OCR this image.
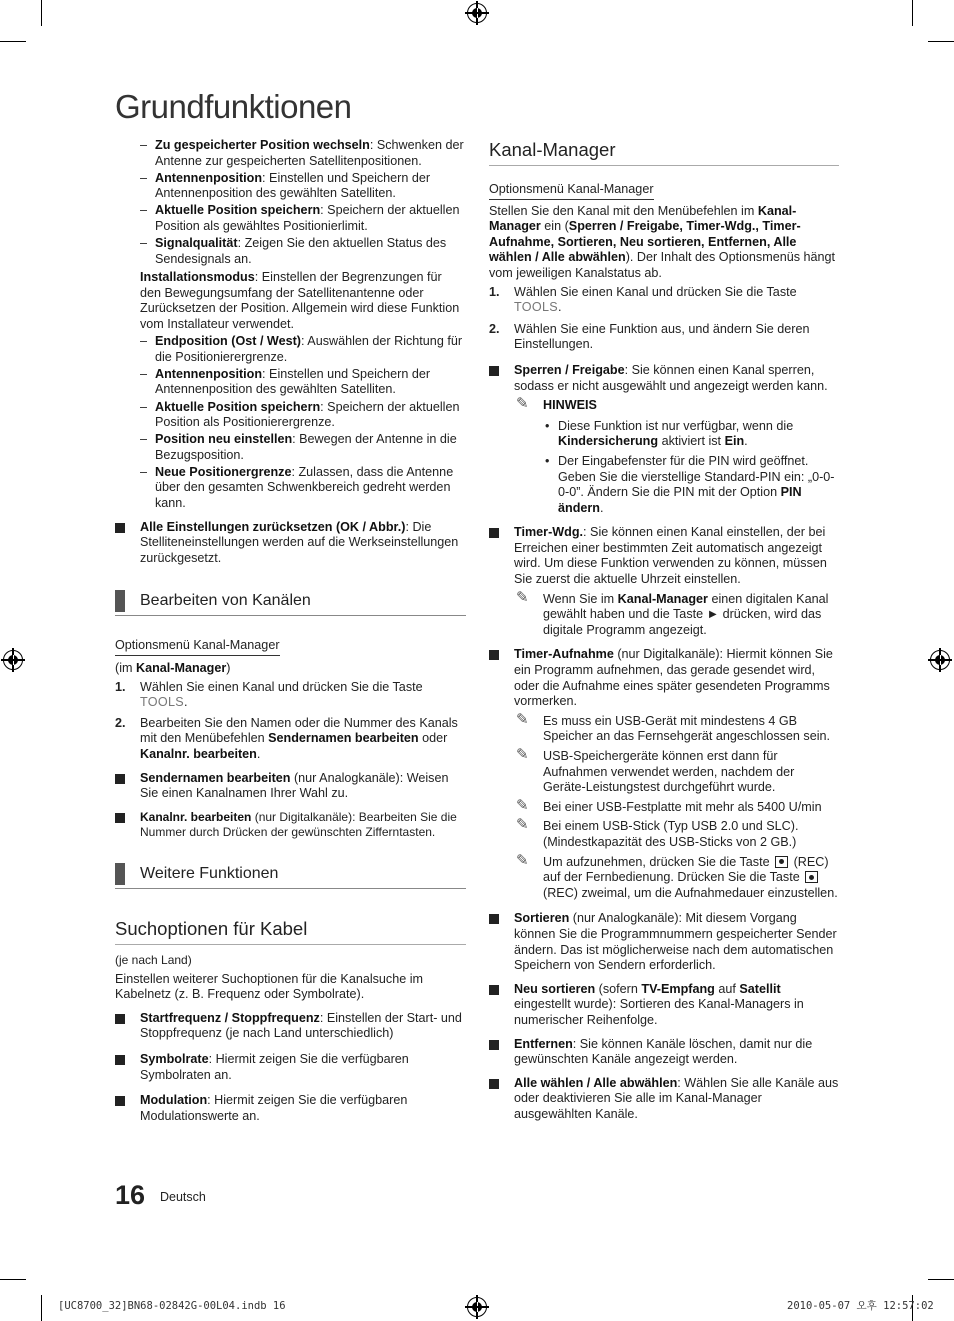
Grundfunktionen

– Zu gespeicherter Position wechseln: Schwenken der Antenne zur gespeicherten Satellitenpositionen.

– Antennenposition: Einstellen und Speichern der Antennenposition des gewählten Satelliten.

– Aktuelle Position speichern: Speichern der aktuellen Position als gewähltes Positionierlimit.

– Signalqualität: Zeigen Sie den aktuellen Status des Sendesignals an.

Installationsmodus: Einstellen der Begrenzungen für den Bewegungsumfang der Satellitenantenne oder Zurücksetzen der Position. Allgemein wird diese Funktion vom Installateur verwendet.

– Endposition (Ost / West): Auswählen der Richtung für die Positionierergrenze.

– Antennenposition: Einstellen und Speichern der Antennenposition des gewählten Satelliten.

– Aktuelle Position speichern: Speichern der aktuellen Position als Positionierergrenze.

– Position neu einstellen: Bewegen der Antenne in die Bezugsposition.

– Neue Positionergrenze: Zulassen, dass die Antenne über den gesamten Schwenkbereich gedreht werden kann.

Alle Einstellungen zurücksetzen (OK / Abbr.): Die Stelliteneinstellungen werden auf die Werkseinstellungen zurückgesetzt.

Bearbeiten von Kanälen

Optionsmenü Kanal-Manager

(im Kanal-Manager)

1. Wählen Sie einen Kanal und drücken Sie die Taste TOOLS.

2. Bearbeiten Sie den Namen oder die Nummer des Kanals mit den Menübefehlen Sendernamen bearbeiten oder Kanalnr. bearbeiten.

Sendernamen bearbeiten (nur Analogkanäle): Weisen Sie einen Kanalnamen Ihrer Wahl zu.

Kanalnr. bearbeiten (nur Digitalkanäle): Bearbeiten Sie die Nummer durch Drücken der gewünschten Zifferntasten.

Weitere Funktionen
Suchoptionen für Kabel

(je nach Land)

Einstellen weiterer Suchoptionen für die Kanalsuche im Kabelnetz (z. B. Frequenz oder Symbolrate).

Startfrequenz / Stoppfrequenz: Einstellen der Start- und Stoppfrequenz (je nach Land unterschiedlich)

Symbolrate: Hiermit zeigen Sie die verfügbaren Symbolraten an.

Modulation: Hiermit zeigen Sie die verfügbaren Modulationswerte an.

Kanal-Manager

Optionsmenü Kanal-Manager

Stellen Sie den Kanal mit den Menübefehlen im Kanal-Manager ein (Sperren / Freigabe, Timer-Wdg., Timer-Aufnahme, Sortieren, Neu sortieren, Entfernen, Alle wählen / Alle abwählen). Der Inhalt des Optionsmenüs hängt vom jeweiligen Kanalstatus ab.

1. Wählen Sie einen Kanal und drücken Sie die Taste TOOLS.

2. Wählen Sie eine Funktion aus, und ändern Sie deren Einstellungen.

Sperren / Freigabe: Sie können einen Kanal sperren, sodass er nicht ausgewählt und angezeigt werden kann.

✎ HINWEIS

• Diese Funktion ist nur verfügbar, wenn die Kindersicherung aktiviert ist Ein.

• Der Eingabefenster für die PIN wird geöffnet. Geben Sie die vierstellige Standard-PIN ein: „0-0-0-0”. Ändern Sie die PIN mit der Option PIN ändern.

Timer-Wdg.: Sie können einen Kanal einstellen, der bei Erreichen einer bestimmten Zeit automatisch angezeigt wird. Um diese Funktion verwenden zu können, müssen Sie zuerst die aktuelle Uhrzeit einstellen.

✎ Wenn Sie im Kanal-Manager einen digitalen Kanal gewählt haben und die Taste ► drücken, wird das digitale Programm angezeigt.

Timer-Aufnahme (nur Digitalkanäle): Hiermit können Sie ein Programm aufnehmen, das gerade gesendet wird, oder die Aufnahme eines später gesendeten Programms vormerken.

✎ Es muss ein USB-Gerät mit mindestens 4 GB Speicher an das Fernsehgerät angeschlossen sein.

✎ USB-Speichergeräte können erst dann für Aufnahmen verwendet werden, nachdem der Geräte-Leistungstest durchgeführt wurde.

✎ Bei einer USB-Festplatte mit mehr als 5400 U/min

✎ Bei einem USB-Stick (Typ USB 2.0 und SLC). (Mindestkapazität des USB-Sticks von 2 GB.)

✎ Um aufzunehmen, drücken Sie die Taste  (REC) auf der Fernbedienung. Drücken Sie die Taste  (REC) zweimal, um die Aufnahmedauer einzustellen.

Sortieren (nur Analogkanäle): Mit diesem Vorgang können Sie die Programmnummern gespeicherter Sender ändern. Das ist möglicherweise nach dem automatischen Speichern von Sendern erforderlich.

Neu sortieren (sofern TV-Empfang auf Satellit eingestellt wurde): Sortieren des Kanal-Managers in numerischer Reihenfolge.

Entfernen: Sie können Kanäle löschen, damit nur die gewünschten Kanäle angezeigt werden.

Alle wählen / Alle abwählen: Wählen Sie alle Kanäle aus oder deaktivieren Sie alle im Kanal-Manager ausgewählten Kanäle.

16 Deutsch
[UC8700_32]BN68-02842G-00L04.indb 16	2010-05-07 오후 12:57:02
